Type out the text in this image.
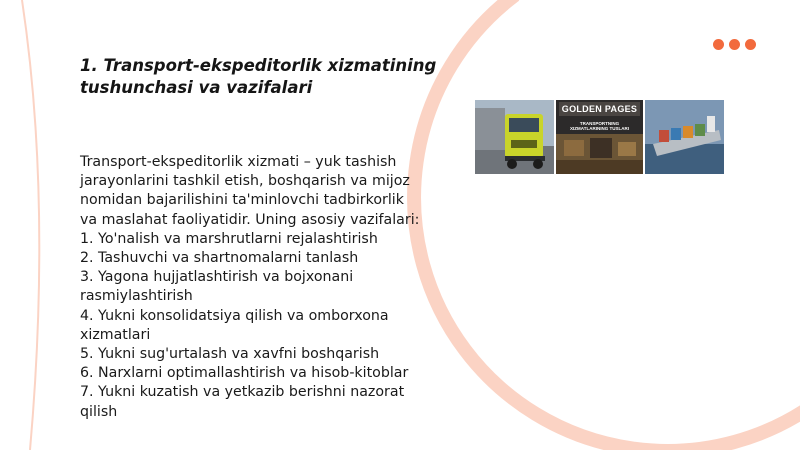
1. Transport-ekspeditorlik xizmatining tushunchasi va vazifalari

Transport-ekspeditorlik xizmati – yuk tashish jarayonlarini tashkil etish, boshqarish va mijoz nomidan bajarilishini ta'minlovchi tadbirkorlik va maslahat faoliyatidir. Uning asosiy vazifalari:

1. Yo'nalish va marshrutlarni rejalashtirish
2. Tashuvchi va shartnomalarni tanlash
3. Yagona hujjatlashtirish va bojxonani rasmiylashtirish
4. Yukni konsolidatsiya qilish va omborxona xizmatlari
5. Yukni sug'urtalash va xavfni boshqarish
6. Narxlarni optimallashtirish va hisob-kitoblar
7. Yukni kuzatish va yetkazib berishni nazorat qilish
GOLDEN PAGES
TRANSPORTNING XIZMATLARINING TUSLARI
